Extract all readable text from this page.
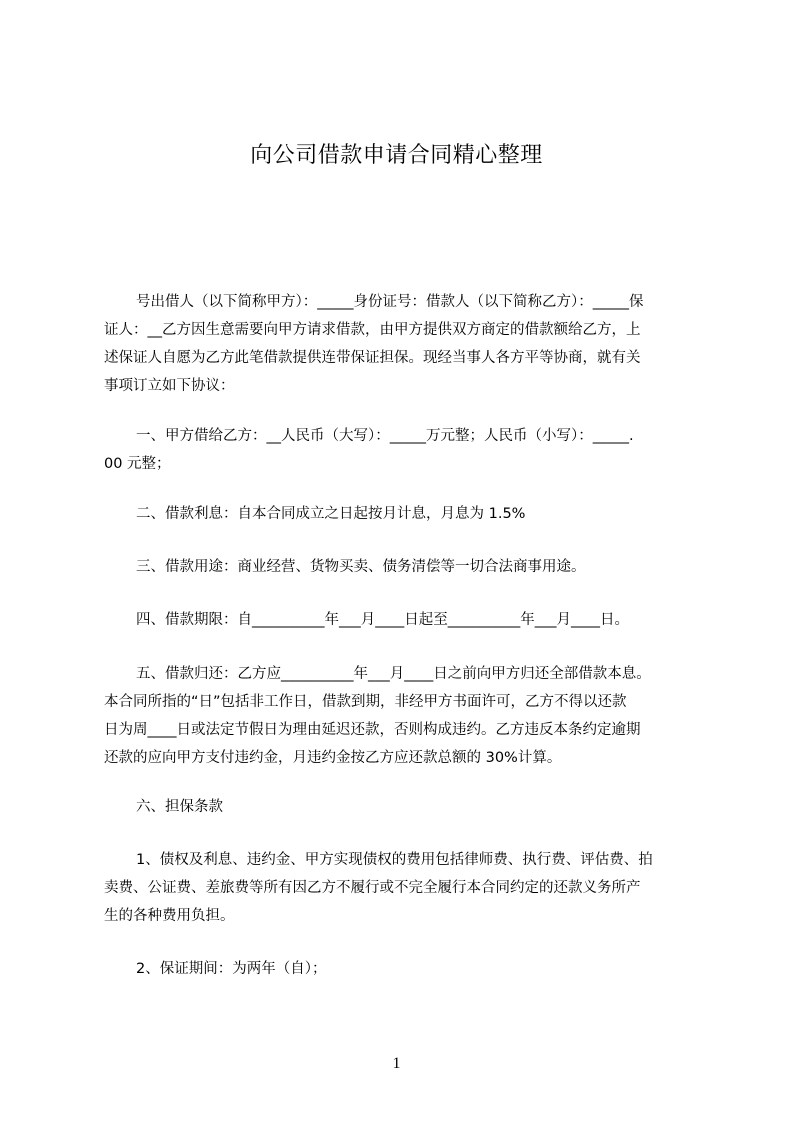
向公司借款申请合同精心整理
号出借人（以下简称甲方）：_____身份证号：借款人（以下简称乙方）：_____保
证人：__乙方因生意需要向甲方请求借款，由甲方提供双方商定的借款额给乙方，上
述保证人自愿为乙方此笔借款提供连带保证担保。现经当事人各方平等协商，就有关
事项订立如下协议：
一、甲方借给乙方：__人民币（大写）：_____万元整；人民币（小写）：_____.
00 元整；
二、借款利息：自本合同成立之日起按月计息，月息为 1.5%
三、借款用途：商业经营、货物买卖、债务清偿等一切合法商事用途。
四、借款期限：自__________年___月____日起至__________年___月____日。
五、借款归还：乙方应__________年___月____日之前向甲方归还全部借款本息。
本合同所指的“日”包括非工作日，借款到期，非经甲方书面许可，乙方不得以还款
日为周____日或法定节假日为理由延迟还款，否则构成违约。乙方违反本条约定逾期
还款的应向甲方支付违约金，月违约金按乙方应还款总额的 30%计算。
六、担保条款
1、债权及利息、违约金、甲方实现债权的费用包括律师费、执行费、评估费、拍
卖费、公证费、差旅费等所有因乙方不履行或不完全履行本合同约定的还款义务所产
生的各种费用负担。
2、保证期间：为两年（自）；
1
